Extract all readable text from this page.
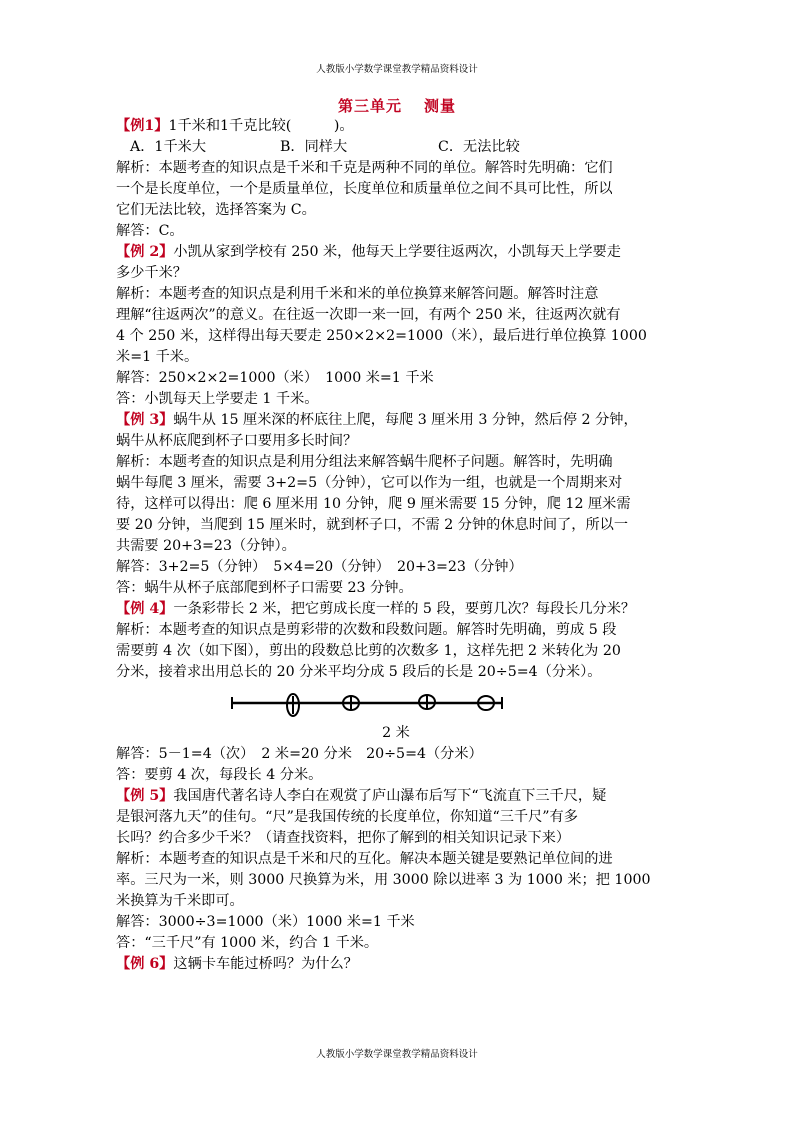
人教版小学数学课堂教学精品资料设计
第三单元 测量

【例1】1千米和1千克比较(　　　)。

A．1千米大	B．同样大	C．无法比较

解析：本题考查的知识点是千米和千克是两种不同的单位。解答时先明确：它们

一个是长度单位，一个是质量单位，长度单位和质量单位之间不具可比性，所以

它们无法比较，选择答案为 C。

解答：C。

【例 2】小凯从家到学校有 250 米，他每天上学要往返两次，小凯每天上学要走

多少千米？

解析：本题考查的知识点是利用千米和米的单位换算来解答问题。解答时注意

理解“往返两次”的意义。在往返一次即一来一回，有两个 250 米，往返两次就有

4 个 250 米，这样得出每天要走 250×2×2=1000（米），最后进行单位换算 1000

米=1 千米。

解答：250×2×2=1000（米）　1000 米=1 千米

答：小凯每天上学要走 1 千米。

【例 3】蜗牛从 15 厘米深的杯底往上爬，每爬 3 厘米用 3 分钟，然后停 2 分钟，

蜗牛从杯底爬到杯子口要用多长时间？

解析：本题考查的知识点是利用分组法来解答蜗牛爬杯子问题。解答时，先明确

蜗牛每爬 3 厘米，需要 3+2=5（分钟），它可以作为一组，也就是一个周期来对

待，这样可以得出：爬 6 厘米用 10 分钟，爬 9 厘米需要 15 分钟，爬 12 厘米需

要 20 分钟，当爬到 15 厘米时，就到杯子口，不需 2 分钟的休息时间了，所以一

共需要 20+3=23（分钟）。

解答：3+2=5（分钟）　5×4=20（分钟）　20+3=23（分钟）

答：蜗牛从杯子底部爬到杯子口需要 23 分钟。

【例 4】一条彩带长 2 米，把它剪成长度一样的 5 段，要剪几次？每段长几分米？

解析：本题考查的知识点是剪彩带的次数和段数问题。解答时先明确，剪成 5 段

需要剪 4 次（如下图），剪出的段数总比剪的次数多 1，这样先把 2 米转化为 20

分米，接着求出用总长的 20 分米平均分成 5 段后的长是 20÷5=4（分米）。

2 米

解答：5－1=4（次）　2 米=20 分米　20÷5=4（分米）

答：要剪 4 次，每段长 4 分米。

【例 5】我国唐代著名诗人李白在观赏了庐山瀑布后写下“飞流直下三千尺，疑

是银河落九天”的佳句。“尺”是我国传统的长度单位，你知道“三千尺”有多

长吗？约合多少千米？（请查找资料，把你了解到的相关知识记录下来）

解析：本题考查的知识点是千米和尺的互化。解决本题关键是要熟记单位间的进

率。三尺为一米，则 3000 尺换算为米，用 3000 除以进率 3 为 1000 米；把 1000

米换算为千米即可。

解答：3000÷3=1000（米）1000 米=1 千米

答：“三千尺”有 1000 米，约合 1 千米。

【例 6】这辆卡车能过桥吗？为什么？

人教版小学数学课堂教学精品资料设计
